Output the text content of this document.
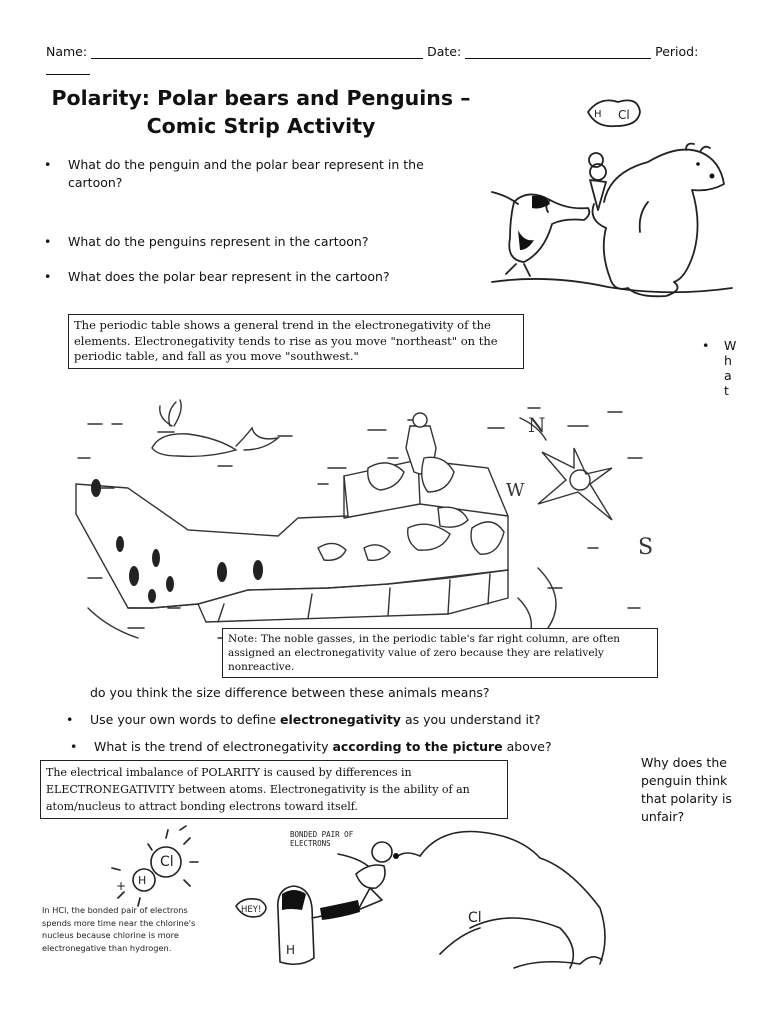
Name:	Date:	Period:
Polarity: Polar bears and Penguins – Comic Strip Activity
• What do the penguin and the polar bear represent in the cartoon?
• What do the penguins represent in the cartoon?
• What does the polar bear represent in the cartoon?
H Cl
N
W
S
The periodic table shows a general trend in the electronegativity of the elements. Electronegativity tends to rise as you move "northeast" on the periodic table, and fall as you move "southwest."
Note: The noble gasses, in the periodic table's far right column, are often assigned an electronegativity value of zero because they are relatively nonreactive.
• W h a t
do you think the size difference between these animals means?
• Use your own words to define electronegativity as you understand it?
• What is the trend of electronegativity according to the picture above?
Why does the penguin think that polarity is unfair?
Cl
H
+
HEY!
H
Cl
The electrical imbalance of POLARITY is caused by differences in ELECTRONEGATIVITY between atoms. Electronegativity is the ability of an atom/nucleus to attract bonding electrons toward itself.
BONDED PAIR OF ELECTRONS
In HCl, the bonded pair of electrons spends more time near the chlorine's nucleus because chlorine is more electronegative than hydrogen.
